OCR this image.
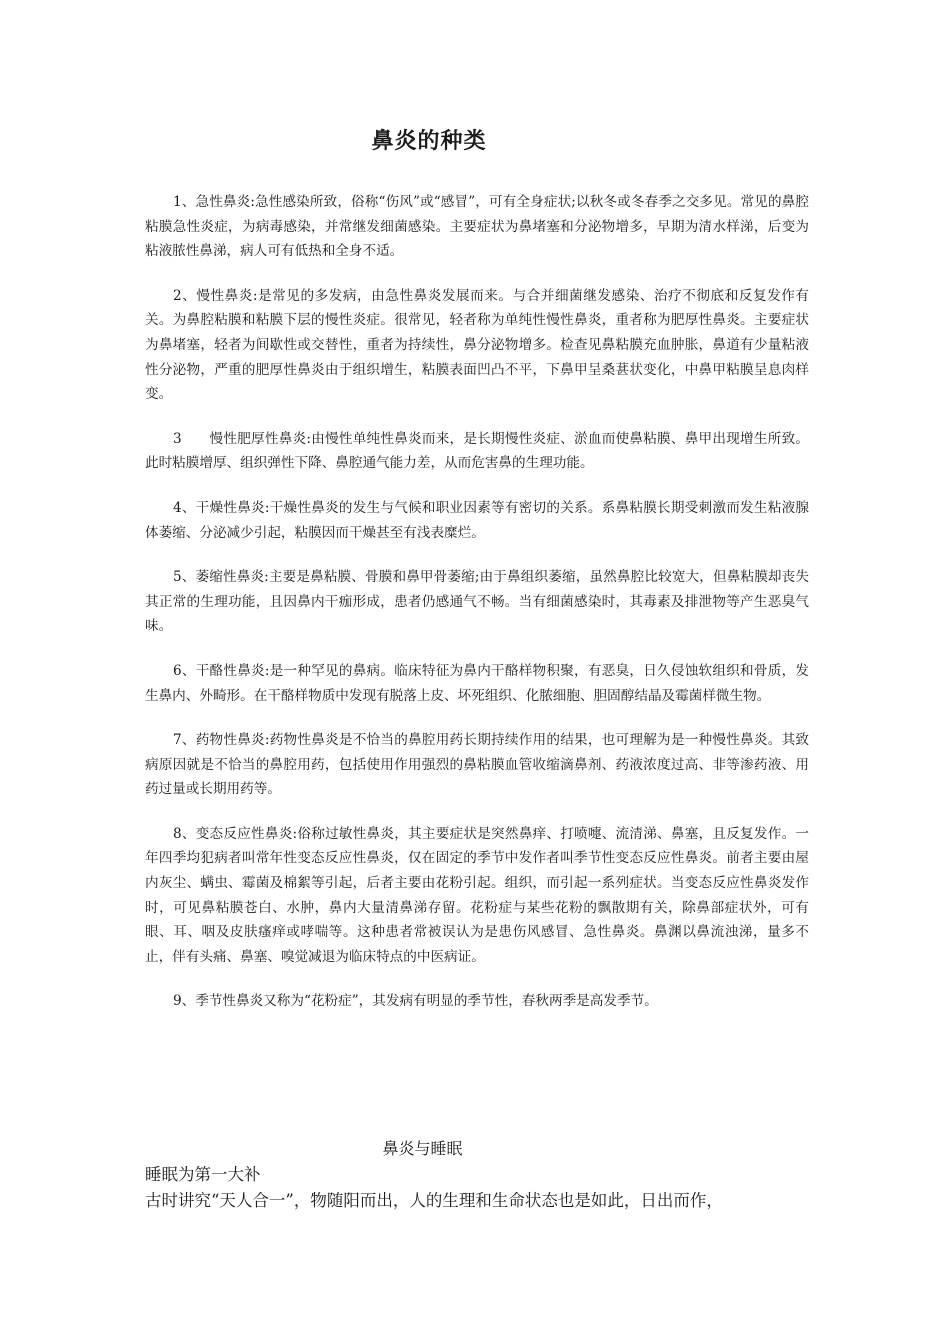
鼻炎的种类

1、急性鼻炎:急性感染所致，俗称“伤风”或“感冒”，可有全身症状;以秋冬或冬春季之交多见。常见的鼻腔粘膜急性炎症，为病毒感染，并常继发细菌感染。主要症状为鼻堵塞和分泌物增多，早期为清水样涕，后变为粘液脓性鼻涕，病人可有低热和全身不适。

2、慢性鼻炎:是常见的多发病，由急性鼻炎发展而来。与合并细菌继发感染、治疗不彻底和反复发作有关。为鼻腔粘膜和粘膜下层的慢性炎症。很常见，轻者称为单纯性慢性鼻炎，重者称为肥厚性鼻炎。主要症状为鼻堵塞，轻者为间歇性或交替性，重者为持续性，鼻分泌物增多。检查见鼻粘膜充血肿胀，鼻道有少量粘液性分泌物，严重的肥厚性鼻炎由于组织增生，粘膜表面凹凸不平，下鼻甲呈桑葚状变化，中鼻甲粘膜呈息肉样变。

3　　慢性肥厚性鼻炎:由慢性单纯性鼻炎而来，是长期慢性炎症、淤血而使鼻粘膜、鼻甲出现增生所致。此时粘膜增厚、组织弹性下降、鼻腔通气能力差，从而危害鼻的生理功能。

4、干燥性鼻炎:干燥性鼻炎的发生与气候和职业因素等有密切的关系。系鼻粘膜长期受刺激而发生粘液腺体萎缩、分泌减少引起，粘膜因而干燥甚至有浅表糜烂。

5、萎缩性鼻炎:主要是鼻粘膜、骨膜和鼻甲骨萎缩;由于鼻组织萎缩，虽然鼻腔比较宽大，但鼻粘膜却丧失其正常的生理功能，且因鼻内干痂形成，患者仍感通气不畅。当有细菌感染时，其毒素及排泄物等产生恶臭气味。

6、干酪性鼻炎:是一种罕见的鼻病。临床特征为鼻内干酪样物积聚，有恶臭，日久侵蚀软组织和骨质，发生鼻内、外畸形。在干酪样物质中发现有脱落上皮、坏死组织、化脓细胞、胆固醇结晶及霉菌样微生物。

7、药物性鼻炎:药物性鼻炎是不恰当的鼻腔用药长期持续作用的结果，也可理解为是一种慢性鼻炎。其致病原因就是不恰当的鼻腔用药，包括使用作用强烈的鼻粘膜血管收缩滴鼻剂、药液浓度过高、非等渗药液、用药过量或长期用药等。

8、变态反应性鼻炎:俗称过敏性鼻炎，其主要症状是突然鼻痒、打喷嚏、流清涕、鼻塞，且反复发作。一年四季均犯病者叫常年性变态反应性鼻炎，仅在固定的季节中发作者叫季节性变态反应性鼻炎。前者主要由屋内灰尘、螨虫、霉菌及棉絮等引起，后者主要由花粉引起。组织，而引起一系列症状。当变态反应性鼻炎发作时，可见鼻粘膜苍白、水肿，鼻内大量清鼻涕存留。花粉症与某些花粉的飘散期有关，除鼻部症状外，可有眼、耳、咽及皮肤瘙痒或哮喘等。这种患者常被误认为是患伤风感冒、急性鼻炎。鼻渊以鼻流浊涕，量多不止，伴有头痛、鼻塞、嗅觉减退为临床特点的中医病证。

9、季节性鼻炎又称为“花粉症”，其发病有明显的季节性，春秋两季是高发季节。

鼻炎与睡眠
睡眠为第一大补
古时讲究“天人合一”，物随阳而出，人的生理和生命状态也是如此，日出而作，
